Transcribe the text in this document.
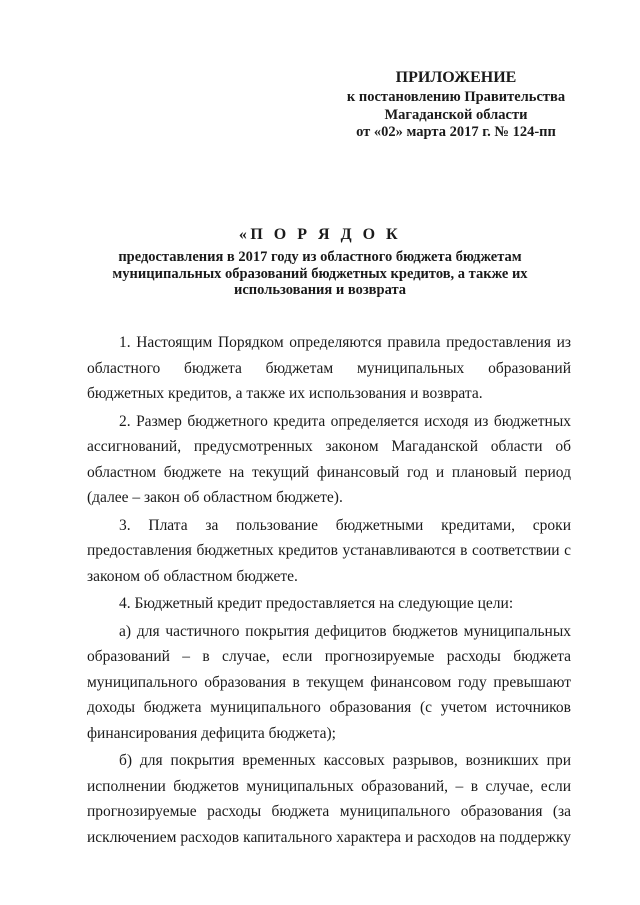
ПРИЛОЖЕНИЕ
к постановлению Правительства
Магаданской области
от «02» марта 2017 г. № 124-пп
«П О Р Я Д О К
предоставления в 2017 году из областного бюджета бюджетам
муниципальных образований бюджетных кредитов, а также их
использования и возврата

1. Настоящим Порядком определяются правила предоставления из областного бюджета бюджетам муниципальных образований бюджетных кредитов, а также их использования и возврата.

2. Размер бюджетного кредита определяется исходя из бюджетных ассигнований, предусмотренных законом Магаданской области об областном бюджете на текущий финансовый год и плановый период (далее – закон об областном бюджете).

3. Плата за пользование бюджетными кредитами, сроки предоставления бюджетных кредитов устанавливаются в соответствии с законом об областном бюджете.

4. Бюджетный кредит предоставляется на следующие цели:

а) для частичного покрытия дефицитов бюджетов муниципальных образований – в случае, если прогнозируемые расходы бюджета муниципального образования в текущем финансовом году превышают доходы бюджета муниципального образования (с учетом источников финансирования дефицита бюджета);

б) для покрытия временных кассовых разрывов, возникших при исполнении бюджетов муниципальных образований, – в случае, если прогнозируемые расходы бюджета муниципального образования (за исключением расходов капитального характера и расходов на поддержку
